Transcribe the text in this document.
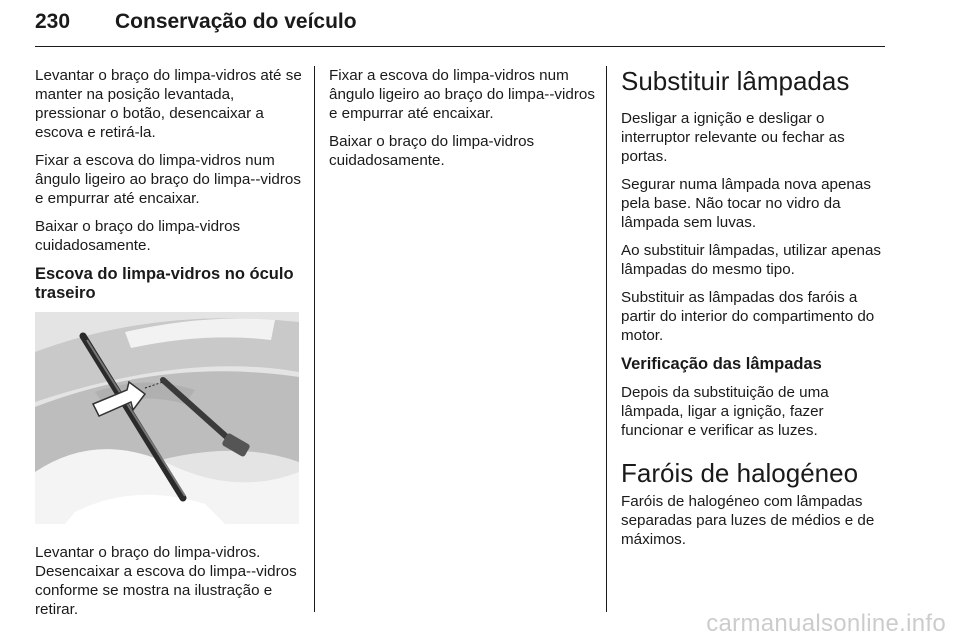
230 Conservação do veículo

Levantar o braço do limpa-vidros até se manter na posição levantada, pressionar o botão, desencaixar a escova e retirá-la.

Fixar a escova do limpa-vidros num ângulo ligeiro ao braço do limpa--vidros e empurrar até encaixar.

Baixar o braço do limpa-vidros cuidadosamente.

Escova do limpa-vidros no óculo traseiro

Levantar o braço do limpa-vidros. Desencaixar a escova do limpa--vidros conforme se mostra na ilustração e retirar.

Fixar a escova do limpa-vidros num ângulo ligeiro ao braço do limpa--vidros e empurrar até encaixar.

Baixar o braço do limpa-vidros cuidadosamente.

Substituir lâmpadas

Desligar a ignição e desligar o interruptor relevante ou fechar as portas.

Segurar numa lâmpada nova apenas pela base. Não tocar no vidro da lâmpada sem luvas.

Ao substituir lâmpadas, utilizar apenas lâmpadas do mesmo tipo.

Substituir as lâmpadas dos faróis a partir do interior do compartimento do motor.

Verificação das lâmpadas

Depois da substituição de uma lâmpada, ligar a ignição, fazer funcionar e verificar as luzes.

Faróis de halogéneo

Faróis de halogéneo com lâmpadas separadas para luzes de médios e de máximos.

carmanualsonline.info
